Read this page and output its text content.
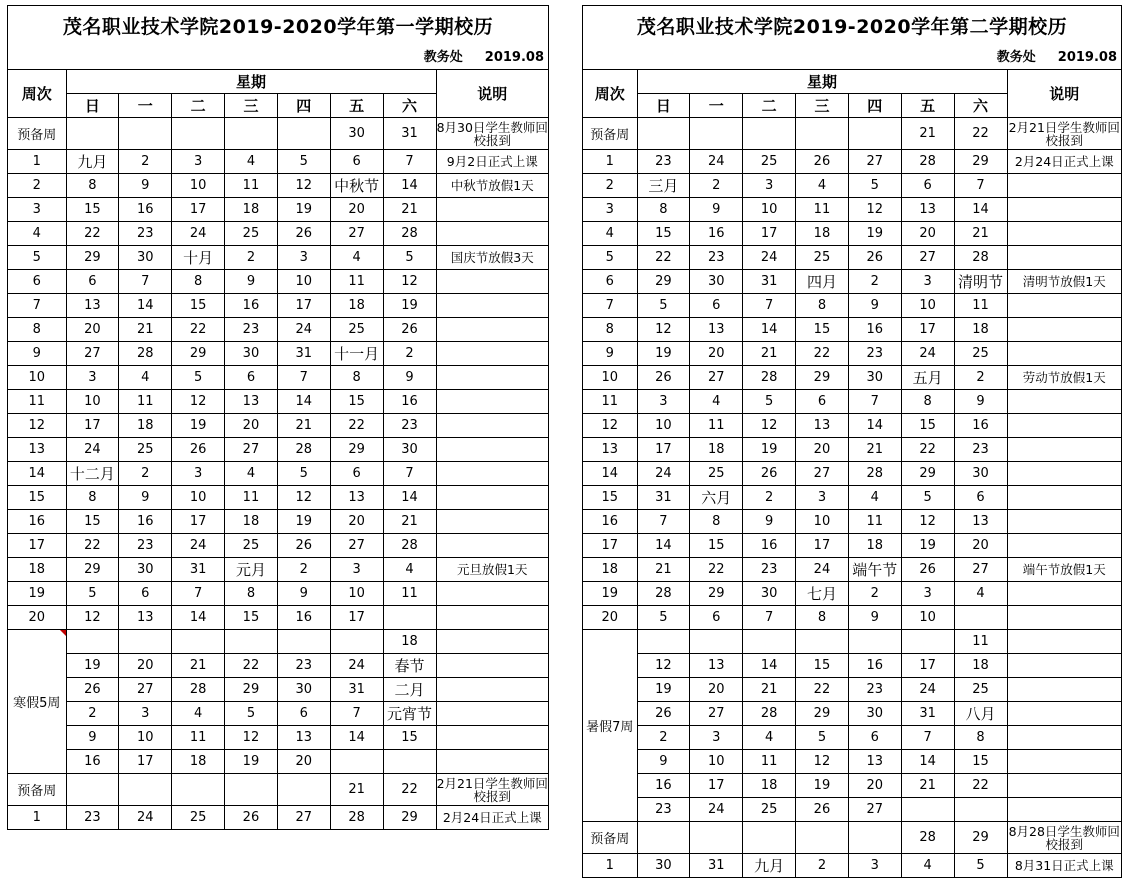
茂名职业技术学院2019-2020学年第一学期校历
教务处 2019.08
周次	星期							说明
	日	一	二	三	四	五	六	
预备周						30	31	8月30日学生教师回校报到
1	九月	2	3	4	5	6	7	9月2日正式上课
2	8	9	10	11	12	中秋节	14	中秋节放假1天
3	15	16	17	18	19	20	21	
4	22	23	24	25	26	27	28	
5	29	30	十月	2	3	4	5	国庆节放假3天
6	6	7	8	9	10	11	12	
7	13	14	15	16	17	18	19	
8	20	21	22	23	24	25	26	
9	27	28	29	30	31	十一月	2	
10	3	4	5	6	7	8	9	
11	10	11	12	13	14	15	16	
12	17	18	19	20	21	22	23	
13	24	25	26	27	28	29	30	
14	十二月	2	3	4	5	6	7	
15	8	9	10	11	12	13	14	
16	15	16	17	18	19	20	21	
17	22	23	24	25	26	27	28	
18	29	30	31	元月	2	3	4	元旦放假1天
19	5	6	7	8	9	10	11	
20	12	13	14	15	16	17		
寒假5周							18	
	19	20	21	22	23	24	春节	
	26	27	28	29	30	31	二月	
	2	3	4	5	6	7	元宵节	
	9	10	11	12	13	14	15	
	16	17	18	19	20			
预备周						21	22	2月21日学生教师回校报到
1	23	24	25	26	27	28	29	2月24日正式上课
茂名职业技术学院2019-2020学年第二学期校历
教务处 2019.08
周次	星期							说明
	日	一	二	三	四	五	六	
预备周						21	22	2月21日学生教师回校报到
1	23	24	25	26	27	28	29	2月24日正式上课
2	三月	2	3	4	5	6	7	
3	8	9	10	11	12	13	14	
4	15	16	17	18	19	20	21	
5	22	23	24	25	26	27	28	
6	29	30	31	四月	2	3	清明节	清明节放假1天
7	5	6	7	8	9	10	11	
8	12	13	14	15	16	17	18	
9	19	20	21	22	23	24	25	
10	26	27	28	29	30	五月	2	劳动节放假1天
11	3	4	5	6	7	8	9	
12	10	11	12	13	14	15	16	
13	17	18	19	20	21	22	23	
14	24	25	26	27	28	29	30	
15	31	六月	2	3	4	5	6	
16	7	8	9	10	11	12	13	
17	14	15	16	17	18	19	20	
18	21	22	23	24	端午节	26	27	端午节放假1天
19	28	29	30	七月	2	3	4	
20	5	6	7	8	9	10		
暑假7周							11	
	12	13	14	15	16	17	18	
	19	20	21	22	23	24	25	
	26	27	28	29	30	31	八月	
	2	3	4	5	6	7	8	
	9	10	11	12	13	14	15	
	16	17	18	19	20	21	22	
	23	24	25	26	27			
预备周						28	29	8月28日学生教师回校报到
1	30	31	九月	2	3	4	5	8月31日正式上课
